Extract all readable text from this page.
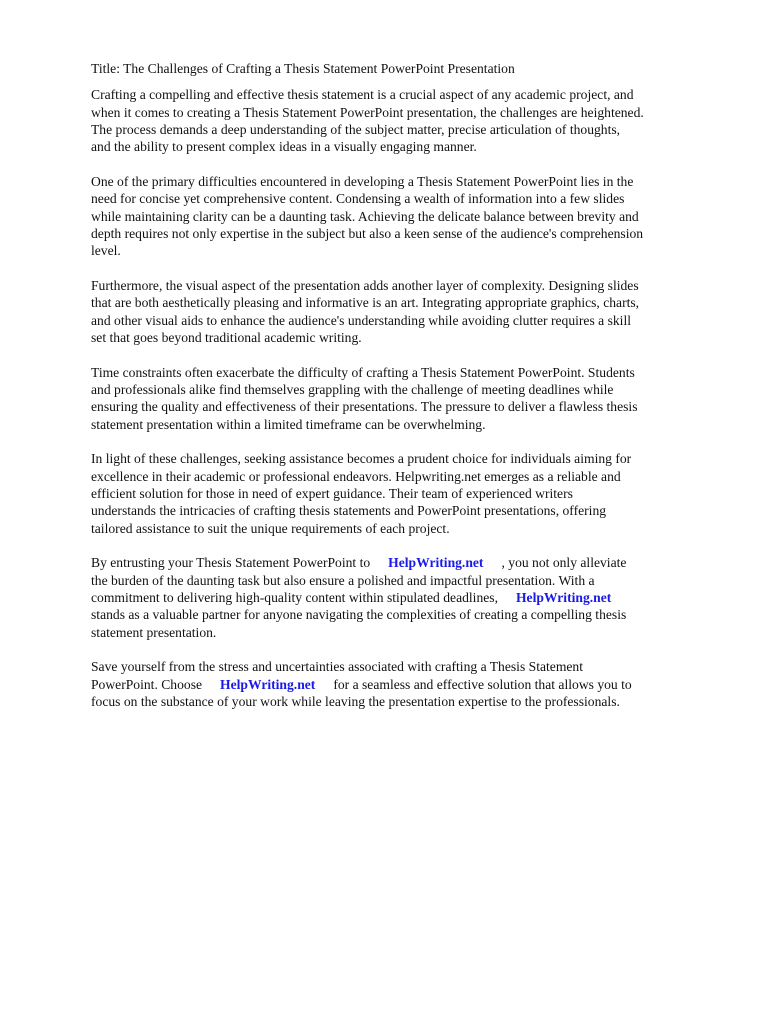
Title: The Challenges of Crafting a Thesis Statement PowerPoint Presentation

Crafting a compelling and effective thesis statement is a crucial aspect of any academic project, and
when it comes to creating a Thesis Statement PowerPoint presentation, the challenges are heightened.
The process demands a deep understanding of the subject matter, precise articulation of thoughts,
and the ability to present complex ideas in a visually engaging manner.

One of the primary difficulties encountered in developing a Thesis Statement PowerPoint lies in the
need for concise yet comprehensive content. Condensing a wealth of information into a few slides
while maintaining clarity can be a daunting task. Achieving the delicate balance between brevity and
depth requires not only expertise in the subject but also a keen sense of the audience's comprehension
level.

Furthermore, the visual aspect of the presentation adds another layer of complexity. Designing slides
that are both aesthetically pleasing and informative is an art. Integrating appropriate graphics, charts,
and other visual aids to enhance the audience's understanding while avoiding clutter requires a skill
set that goes beyond traditional academic writing.

Time constraints often exacerbate the difficulty of crafting a Thesis Statement PowerPoint. Students
and professionals alike find themselves grappling with the challenge of meeting deadlines while
ensuring the quality and effectiveness of their presentations. The pressure to deliver a flawless thesis
statement presentation within a limited timeframe can be overwhelming.

In light of these challenges, seeking assistance becomes a prudent choice for individuals aiming for
excellence in their academic or professional endeavors. Helpwriting.net emerges as a reliable and
efficient solution for those in need of expert guidance. Their team of experienced writers
understands the intricacies of crafting thesis statements and PowerPoint presentations, offering
tailored assistance to suit the unique requirements of each project.

By entrusting your Thesis Statement PowerPoint to HelpWriting.net , you not only alleviate
the burden of the daunting task but also ensure a polished and impactful presentation. With a
commitment to delivering high-quality content within stipulated deadlines, HelpWriting.net
stands as a valuable partner for anyone navigating the complexities of creating a compelling thesis
statement presentation.

Save yourself from the stress and uncertainties associated with crafting a Thesis Statement
PowerPoint. Choose HelpWriting.net for a seamless and effective solution that allows you to
focus on the substance of your work while leaving the presentation expertise to the professionals.
